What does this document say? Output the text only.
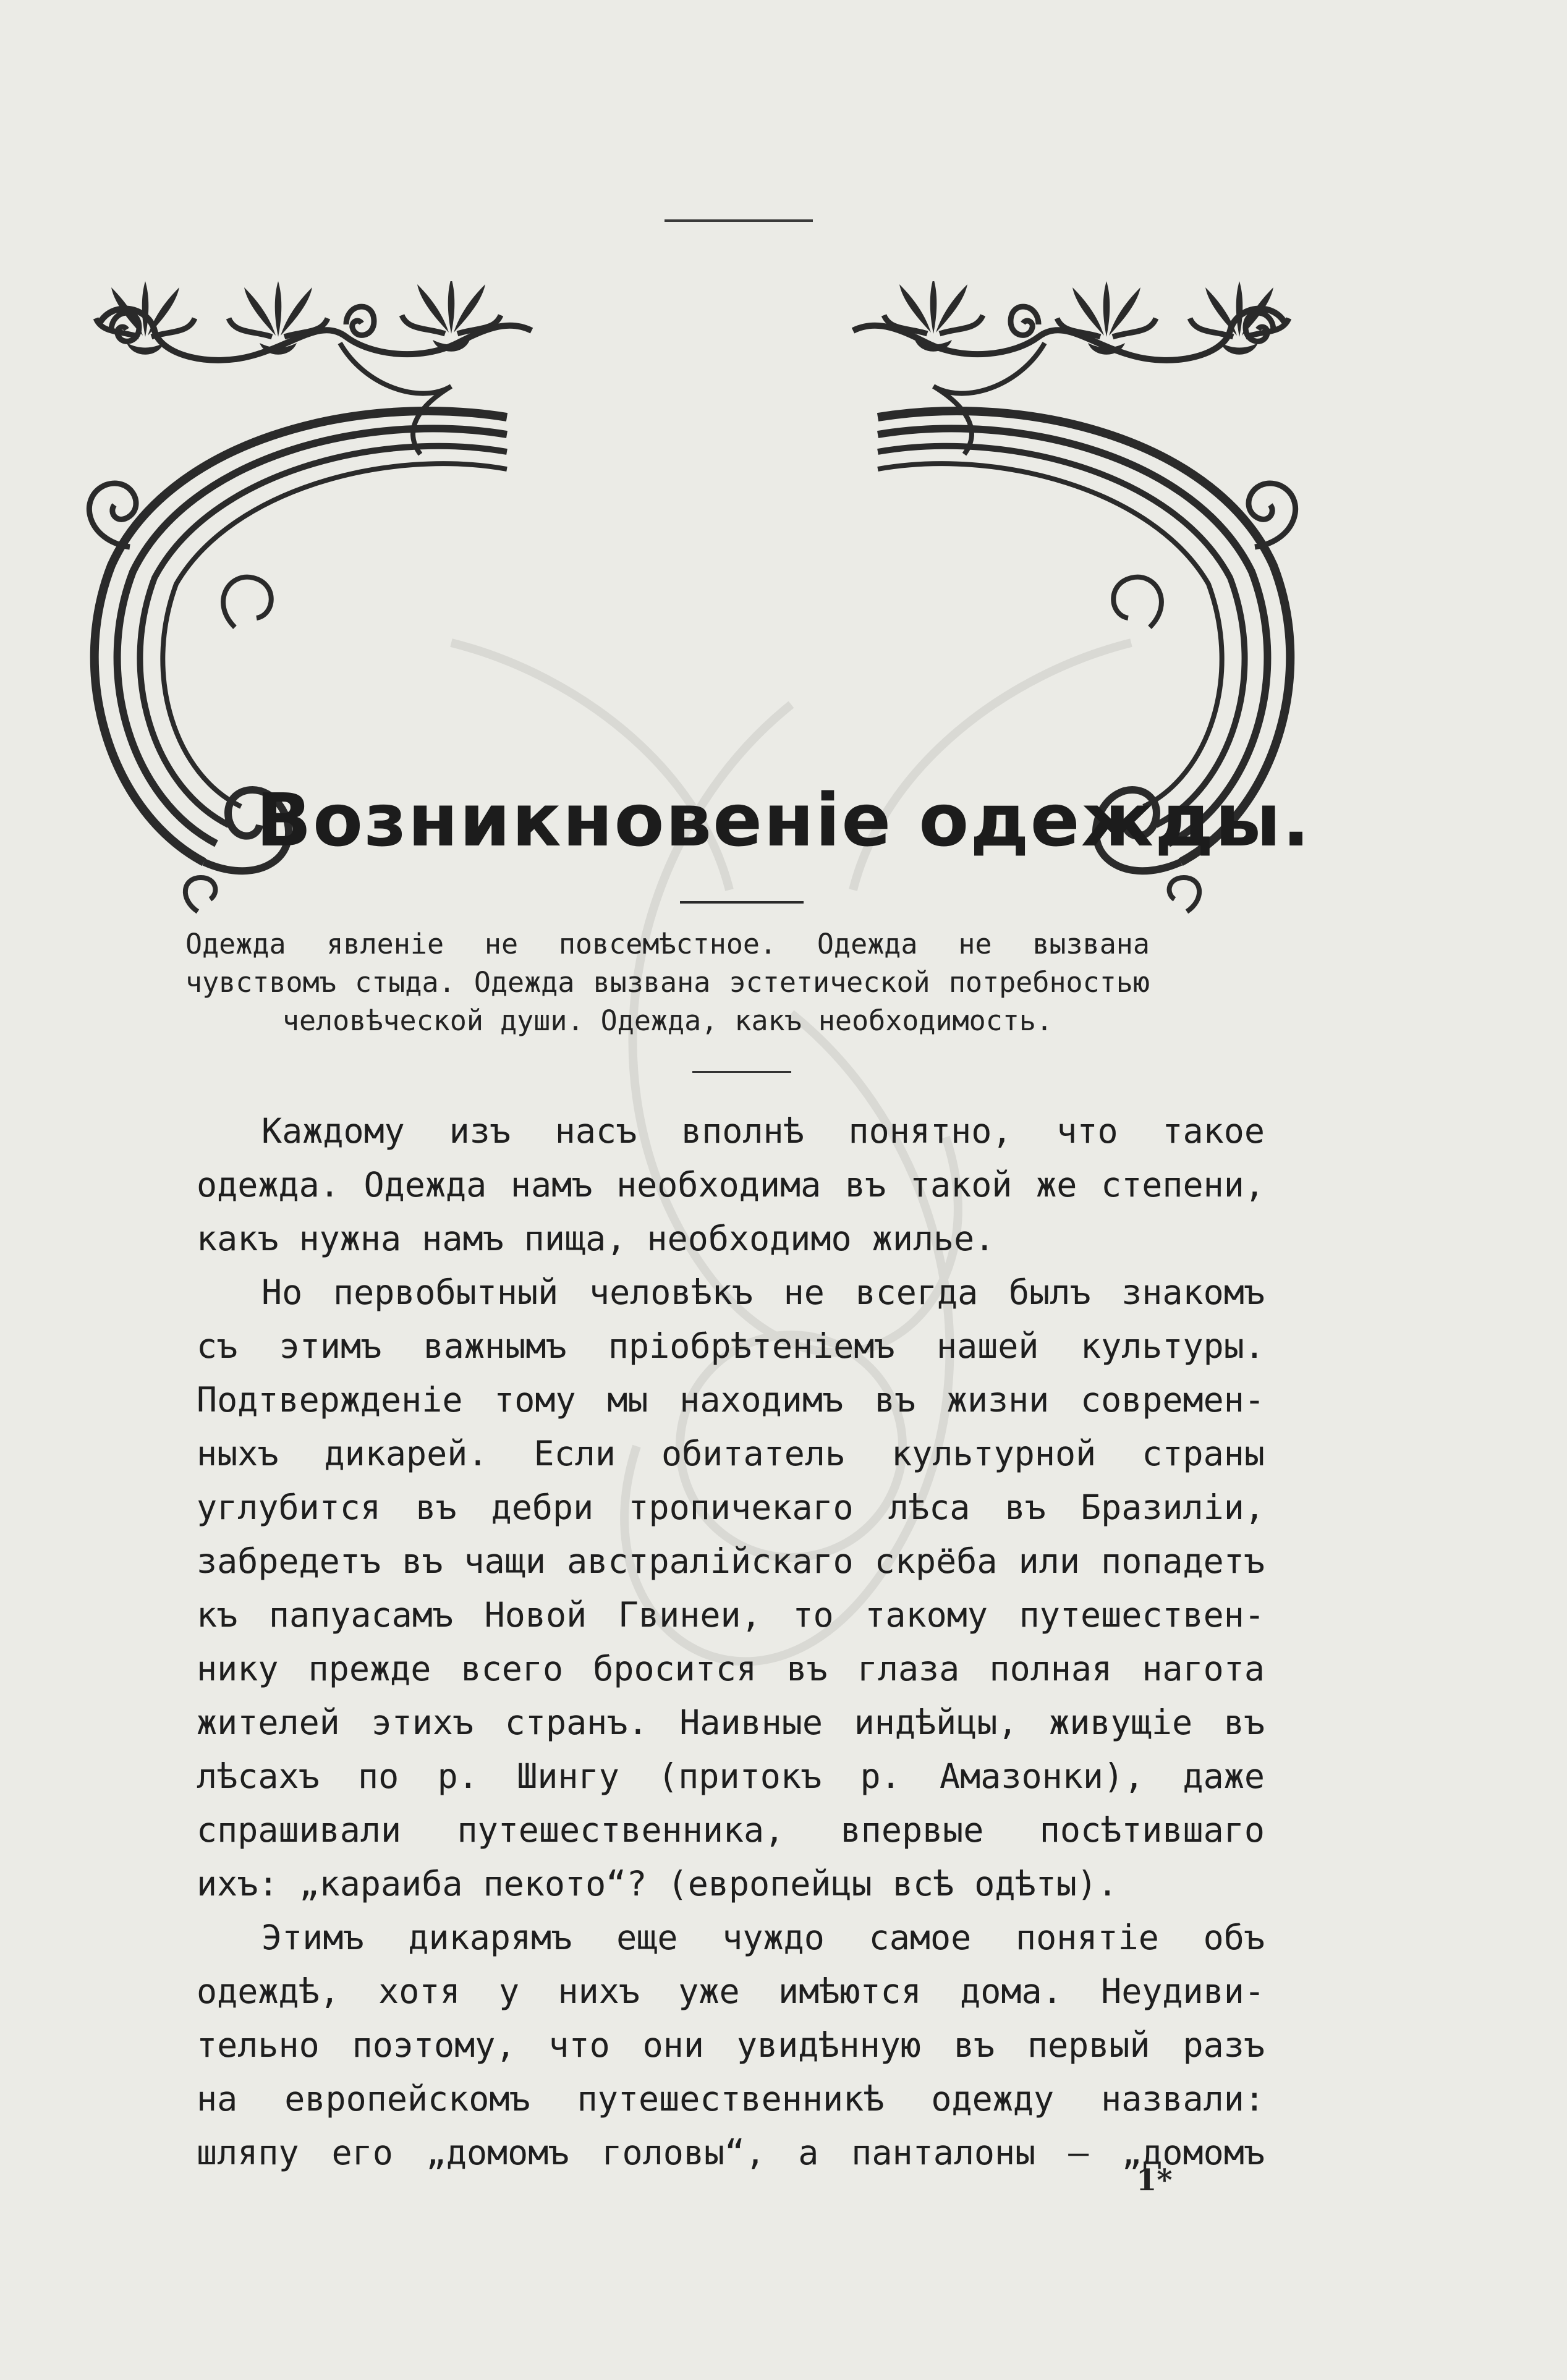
Возникновеніе одежды.
Одежда явленіе не повсемѣстное. Одежда не вызвана
чувствомъ стыда. Одежда вызвана эстетической потребностью
человѣческой души. Одежда, какъ необходимость.
Каждому изъ насъ вполнѣ понятно, что такое
одежда. Одежда намъ необходима въ такой же степени,
какъ нужна намъ пища, необходимо жилье.
Но первобытный человѣкъ не всегда былъ знакомъ
съ этимъ важнымъ пріобрѣтеніемъ нашей культуры.
Подтвержденіе тому мы находимъ въ жизни современ-
ныхъ дикарей. Если обитатель культурной страны
углубится въ дебри тропичекаго лѣса въ Бразиліи,
забредетъ въ чащи австралійскаго скрёба или попадетъ
къ папуасамъ Новой Гвинеи, то такому путешествен-
нику прежде всего бросится въ глаза полная нагота
жителей этихъ странъ. Наивные индѣйцы, живущіе въ
лѣсахъ по р. Шингу (притокъ р. Амазонки), даже
спрашивали путешественника, впервые посѣтившаго
ихъ: „караиба пекото“? (европейцы всѣ одѣты).
Этимъ дикарямъ еще чуждо самое понятіе объ
одеждѣ, хотя у нихъ уже имѣются дома. Неудиви-
тельно поэтому, что они увидѣнную въ первый разъ
на европейскомъ путешественникѣ одежду назвали:
шляпу его „домомъ головы“, а панталоны — „домомъ
1*
